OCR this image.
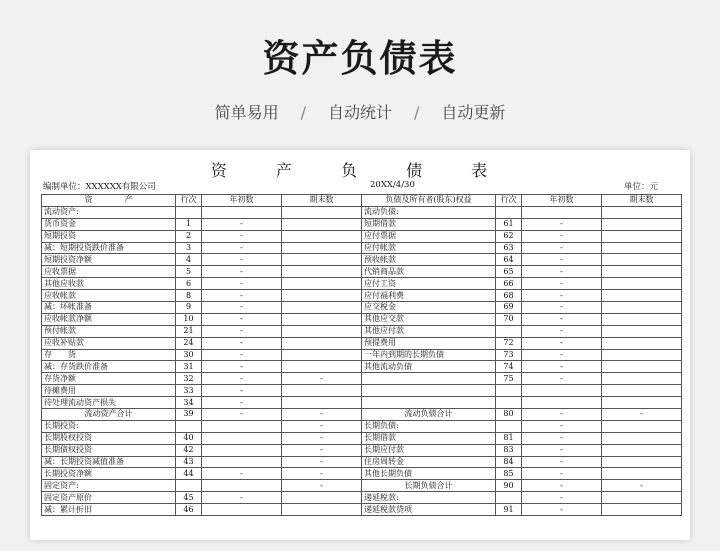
资产负债表
简单易用 / 自动统计 / 自动更新
资 产 负 债 表
编制单位：XXXXXX有限公司	20XX/4/30	单位：元
资　　　　产	行次	年初数	期末数	负债及所有者(股东)权益	行次	年初数	期末数
流动资产:				流动负债:			
货币资金	1	-		短期借款	61	-	
短期投资	2	-		应付票据	62	-	
减：短期投资跌价准备	3	-		应付帐款	63	-	
短期投资净额	4	-		预收帐款	64	-	
应收票据	5	-		代销商品款	65	-	
其他应收款	6	-		应付工资	66	-	
应收帐款	8	-		应付福利费	68	-	
减：坏帐准备	9	-		应交税金	69	-	
应收帐款净额	10	-		其他应交款	70	-	
预付帐款	21	-		其他应付款		-	
应收补贴款	24	-		预提费用	72	-	
存　　货	30	-		一年内到期的长期负债	73	-	
减：存货跌价准备	31	-		其他流动负债	74	-	
存货净额	32	-	-		75	-	
待摊费用	33	-					
待处理流动资产损失	34	-					
流动资产合计	39	-	-	流动负债合计	80	-	-
长期投资:			-	长期负债:		-	
长期股权投资	40		-	长期借款	81	-	
长期债权投资	42		-	长期应付款	83	-	
减：长期投资减值准备	43		-	住房周转金	84	-	
长期投资净额	44	-	-	其他长期负债	85	-	
固定资产:			-	长期负债合计	90	-	-
固定资产原价	45	-		递延税款:		-	
减：累计折旧	46			递延税款贷项	91	-	
